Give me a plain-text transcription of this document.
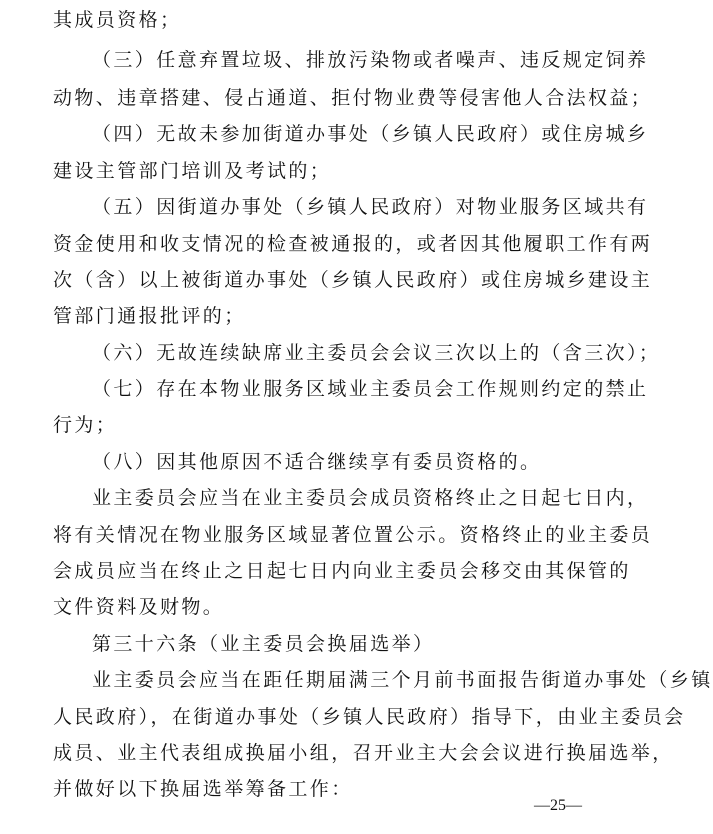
其成员资格；
（三）任意弃置垃圾、排放污染物或者噪声、违反规定饲养
动物、违章搭建、侵占通道、拒付物业费等侵害他人合法权益；
（四）无故未参加街道办事处（乡镇人民政府）或住房城乡
建设主管部门培训及考试的；
（五）因街道办事处（乡镇人民政府）对物业服务区域共有
资金使用和收支情况的检查被通报的，或者因其他履职工作有两
次（含）以上被街道办事处（乡镇人民政府）或住房城乡建设主
管部门通报批评的；
（六）无故连续缺席业主委员会会议三次以上的（含三次）；
（七）存在本物业服务区域业主委员会工作规则约定的禁止
行为；
（八）因其他原因不适合继续享有委员资格的。
业主委员会应当在业主委员会成员资格终止之日起七日内，
将有关情况在物业服务区域显著位置公示。资格终止的业主委员
会成员应当在终止之日起七日内向业主委员会移交由其保管的
文件资料及财物。
第三十六条（业主委员会换届选举）
业主委员会应当在距任期届满三个月前书面报告街道办事处（乡镇
人民政府），在街道办事处（乡镇人民政府）指导下，由业主委员会
成员、业主代表组成换届小组，召开业主大会会议进行换届选举，
并做好以下换届选举筹备工作：
—25—
